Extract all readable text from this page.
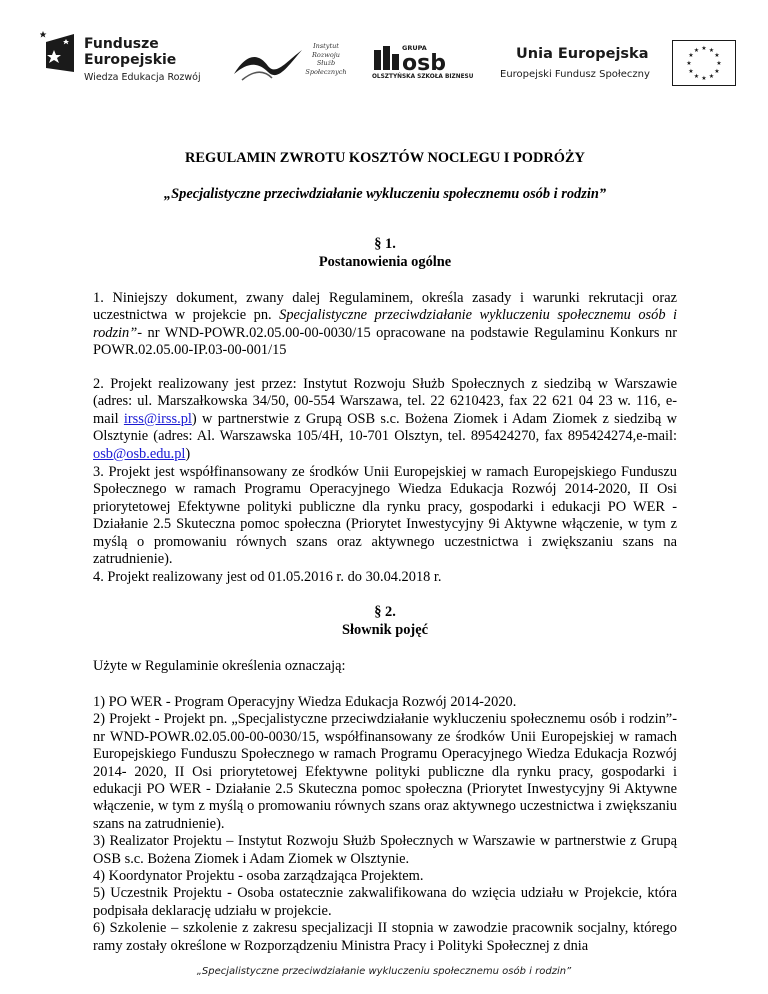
Fundusze
Europejskie
Wiedza Edukacja Rozwój
Instytut Rozwoju Służb Społecznych
GRUPA
osb
OLSZTYŃSKA SZKOŁA BIZNESU
Unia Europejska
Europejski Fundusz Społeczny
★ ★
★
★
★
★
★
★
★
★
★
★
REGULAMIN ZWROTU KOSZTÓW NOCLEGU I PODRÓŻY
„Specjalistyczne przeciwdziałanie wykluczeniu społecznemu osób i rodzin”
§ 1.
Postanowienia ogólne

1. Niniejszy dokument, zwany dalej Regulaminem, określa zasady i warunki rekrutacji oraz uczestnictwa w projekcie pn. Specjalistyczne przeciwdziałanie wykluczeniu społecznemu osób i rodzin”- nr WND-POWR.02.05.00-00-0030/15 opracowane na podstawie Regulaminu Konkurs nr POWR.02.05.00-IP.03-00-001/15

2. Projekt realizowany jest przez: Instytut Rozwoju Służb Społecznych z siedzibą w Warszawie (adres: ul. Marszałkowska 34/50, 00-554 Warszawa, tel. 22 6210423, fax 22 621 04 23 w. 116, e-mail irss@irss.pl) w partnerstwie z Grupą OSB s.c. Bożena Ziomek i Adam Ziomek z siedzibą w Olsztynie (adres: Al. Warszawska 105/4H, 10-701 Olsztyn, tel. 895424270, fax 895424274,e-mail: osb@osb.edu.pl)

3. Projekt jest współfinansowany ze środków Unii Europejskiej w ramach Europejskiego Funduszu Społecznego w ramach Programu Operacyjnego Wiedza Edukacja Rozwój 2014-2020, II Osi priorytetowej Efektywne polityki publiczne dla rynku pracy, gospodarki i edukacji PO WER - Działanie 2.5 Skuteczna pomoc społeczna (Priorytet Inwestycyjny 9i Aktywne włączenie, w tym z myślą o promowaniu równych szans oraz aktywnego uczestnictwa i zwiększaniu szans na zatrudnienie).

4. Projekt realizowany jest od 01.05.2016 r. do 30.04.2018 r.

§ 2.
Słownik pojęć

Użyte w Regulaminie określenia oznaczają:

1) PO WER - Program Operacyjny Wiedza Edukacja Rozwój 2014-2020.

2) Projekt - Projekt pn. „Specjalistyczne przeciwdziałanie wykluczeniu społecznemu osób i rodzin”- nr WND-POWR.02.05.00-00-0030/15, współfinansowany ze środków Unii Europejskiej w ramach Europejskiego Funduszu Społecznego w ramach Programu Operacyjnego Wiedza Edukacja Rozwój 2014- 2020, II Osi priorytetowej Efektywne polityki publiczne dla rynku pracy, gospodarki i edukacji PO WER - Działanie 2.5 Skuteczna pomoc społeczna (Priorytet Inwestycyjny 9i Aktywne włączenie, w tym z myślą o promowaniu równych szans oraz aktywnego uczestnictwa i zwiększaniu szans na zatrudnienie).

3) Realizator Projektu – Instytut Rozwoju Służb Społecznych w Warszawie w partnerstwie z Grupą OSB s.c. Bożena Ziomek i Adam Ziomek w Olsztynie.

4) Koordynator Projektu - osoba zarządzająca Projektem.

5) Uczestnik Projektu - Osoba ostatecznie zakwalifikowana do wzięcia udziału w Projekcie, która podpisała deklarację udziału w projekcie.

6) Szkolenie – szkolenie z zakresu specjalizacji II stopnia w zawodzie pracownik socjalny, którego ramy zostały określone w Rozporządzeniu Ministra Pracy i Polityki Społecznej z dnia

„Specjalistyczne przeciwdziałanie wykluczeniu społecznemu osób i rodzin”
